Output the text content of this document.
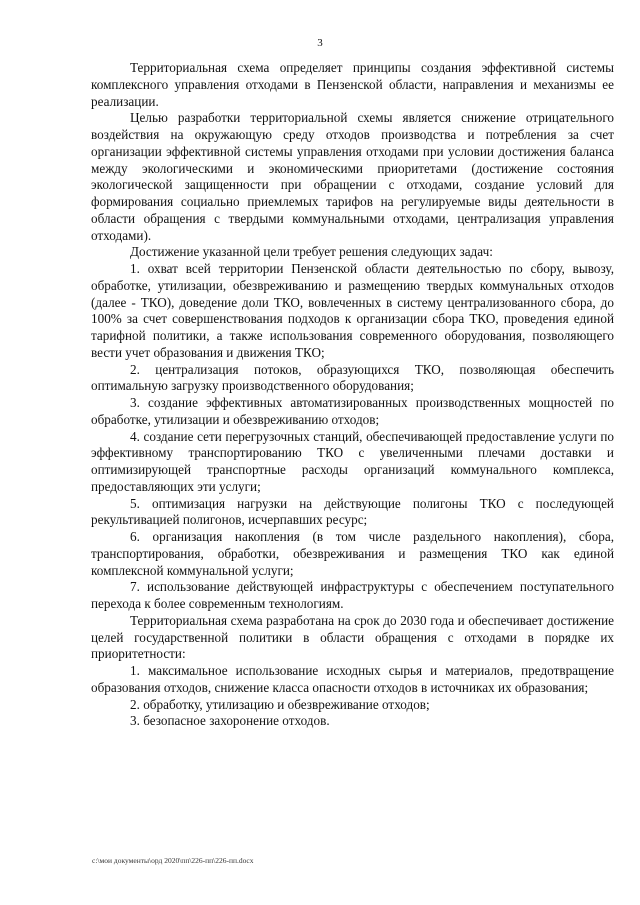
3

Территориальная схема определяет принципы создания эффективной системы комплексного управления отходами в Пензенской области, направления и механизмы ее реализации.

Целью разработки территориальной схемы является снижение отрицательного воздействия на окружающую среду отходов производства и потребления за счет организации эффективной системы управления отходами при условии достижения баланса между экологическими и экономическими приоритетами (достижение состояния экологической защищенности при обращении с отходами, создание условий для формирования социально приемлемых тарифов на регулируемые виды деятельности в области обращения с твердыми коммунальными отходами, централизация управления отходами).

Достижение указанной цели требует решения следующих задач:

1. охват всей территории Пензенской области деятельностью по сбору, вывозу, обработке, утилизации, обезвреживанию и размещению твердых коммунальных отходов (далее - ТКО), доведение доли ТКО, вовлеченных в систему централизованного сбора, до 100% за счет совершенствования подходов к организации сбора ТКО, проведения единой тарифной политики, а также использования современного оборудования, позволяющего вести учет образования и движения ТКО;

2. централизация потоков, образующихся ТКО, позволяющая обеспечить оптимальную загрузку производственного оборудования;

3. создание эффективных автоматизированных производственных мощностей по обработке, утилизации и обезвреживанию отходов;

4. создание сети перегрузочных станций, обеспечивающей предоставление услуги по эффективному транспортированию ТКО с увеличенными плечами доставки и оптимизирующей транспортные расходы организаций коммунального комплекса, предоставляющих эти услуги;

5. оптимизация нагрузки на действующие полигоны ТКО с последующей рекультивацией полигонов, исчерпавших ресурс;

6. организация накопления (в том числе раздельного накопления), сбора, транспортирования, обработки, обезвреживания и размещения ТКО как единой комплексной коммунальной услуги;

7. использование действующей инфраструктуры с обеспечением поступательного перехода к более современным технологиям.

Территориальная схема разработана на срок до 2030 года и обеспечивает достижение целей государственной политики в области обращения с отходами в порядке их приоритетности:

1. максимальное использование исходных сырья и материалов, предотвращение образования отходов, снижение класса опасности отходов в источниках их образования;

2. обработку, утилизацию и обезвреживание отходов;

3. безопасное захоронение отходов.

c:\мои документы\орд 2020\пп\226-пп\226-пп.docx
